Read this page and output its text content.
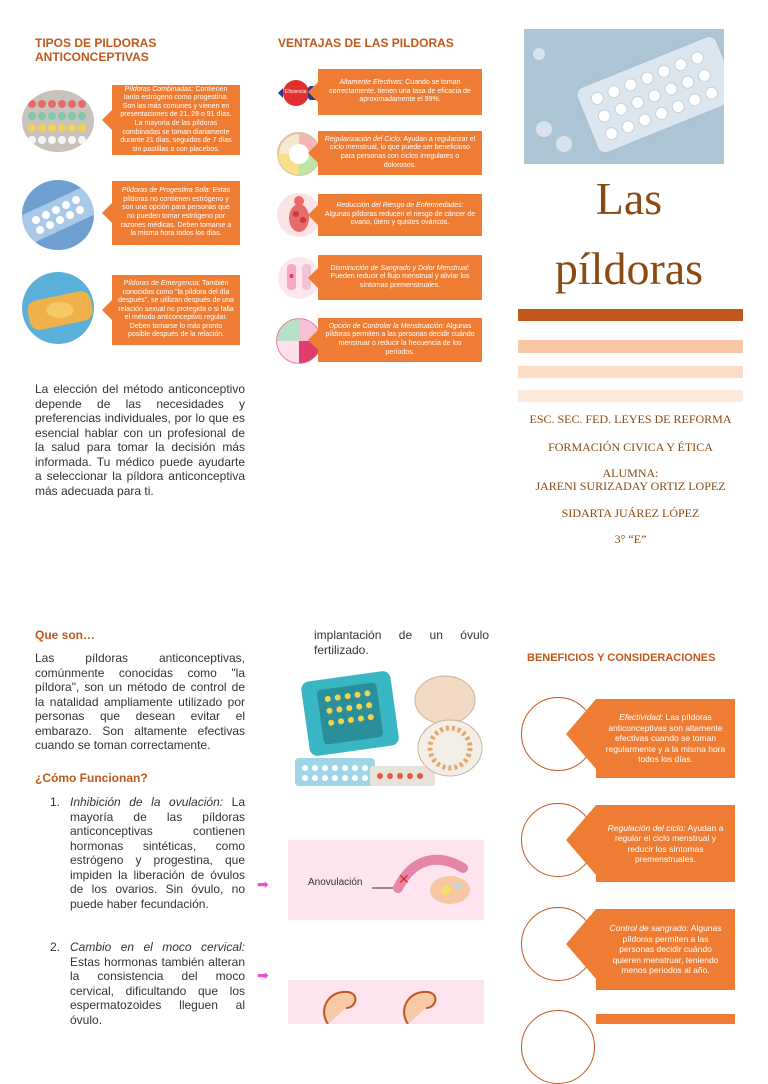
TIPOS DE PILDORAS ANTICONCEPTIVAS
Píldoras Combinadas: Contienen tanto estrógeno como progestina. Son las más comunes y vienen en presentaciones de 21, 28 o 91 días. La mayoría de las píldoras combinadas se toman diariamente durante 21 días, seguidos de 7 días sin pastillas o con placebos.
Píldoras de Progestina Sola: Estas píldoras no contienen estrógeno y son una opción para personas que no pueden tomar estrógeno por razones médicas. Deben tomarse a la misma hora todos los días.
Píldoras de Emergencia: También conocidas como "la píldora del día después", se utilizan después de una relación sexual no protegida o si falla el método anticonceptivo regular. Deben tomarse lo más pronto posible después de la relación.
La elección del método anticonceptivo depende de las necesidades y preferencias individuales, por lo que es esencial hablar con un profesional de la salud para tomar la decisión más informada. Tu médico puede ayudarte a seleccionar la píldora anticonceptiva más adecuada para ti.
VENTAJAS DE LAS PILDORAS
Eficiencia
Altamente Efectivas: Cuando se toman correctamente, tienen una tasa de eficacia de aproximadamente el 99%.
Regularización del Ciclo: Ayudan a regularizar el ciclo menstrual, lo que puede ser beneficioso para personas con ciclos irregulares o dolorosos.
Reducción del Riesgo de Enfermedades: Algunas píldoras reducen el riesgo de cáncer de ovario, útero y quistes ováricos.
Disminución de Sangrado y Dolor Menstrual: Pueden reducir el flujo menstrual y aliviar los síntomas premenstruales.
Opción de Controlar la Menstruación: Algunas píldoras permiten a las personas decidir cuándo menstruar o reducir la frecuencia de los períodos.
Las
píldoras
ESC. SEC. FED. LEYES DE REFORMA
FORMACIÓN CIVICA Y ÉTICA
ALUMNA:
JARENI SURIZADAY ORTIZ LOPEZ
SIDARTA JUÁREZ LÓPEZ
3° “E”
Que son…
Las píldoras anticonceptivas, comúnmente conocidas como "la píldora", son un método de control de la natalidad ampliamente utilizado por personas que desean evitar el embarazo. Son altamente efectivas cuando se toman correctamente.
¿Cómo Funcionan?
1. Inhibición de la ovulación: La mayoría de las píldoras anticonceptivas contienen hormonas sintéticas, como estrógeno y progestina, que impiden la liberación de óvulos de los ovarios. Sin óvulo, no puede haber fecundación.
2. Cambio en el moco cervical: Estas hormonas también alteran la consistencia del moco cervical, dificultando que los espermatozoides lleguen al óvulo.
implantación de un óvulo fertilizado.
➡	Anovulación	✕
➡
BENEFICIOS Y CONSIDERACIONES
Efectividad: Las píldoras anticonceptivas son altamente efectivas cuando se toman regularmente y a la misma hora todos los días.
Regulación del ciclo: Ayudan a regular el ciclo menstrual y reducir los síntomas premenstruales.
Control de sangrado: Algunas píldoras permiten a las personas decidir cuándo quieren menstruar, teniendo menos periodos al año.
